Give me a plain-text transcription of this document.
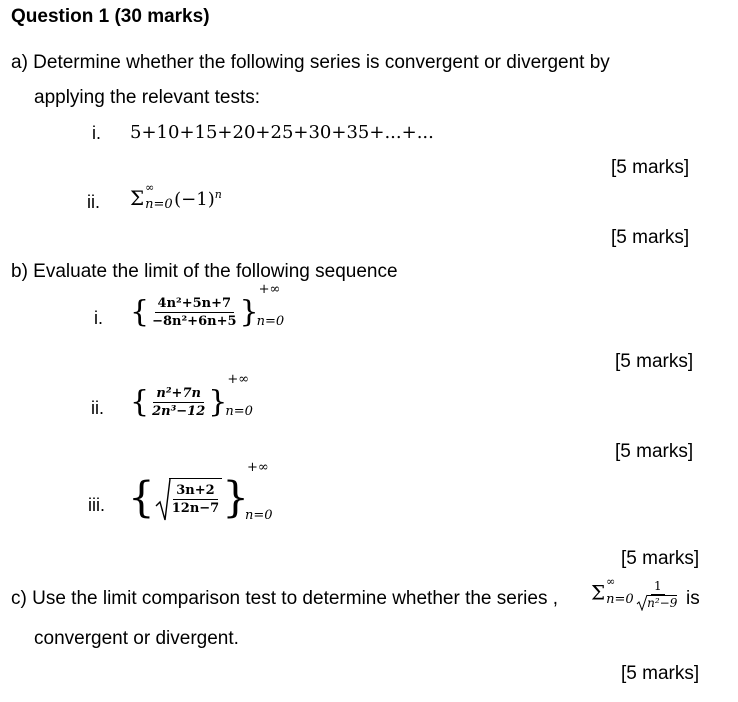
Question 1 (30 marks)
a) Determine whether the following series is convergent or divergent by
applying the relevant tests:
i. 5+10+15+20+25+30+35+...+...
[5 marks]
ii. Σ ∞
n=0 $(-1)^n$
[5 marks]
b) Evaluate the limit of the following sequence
i. { $\frac{\text{4n²+5n+7}}{\text{−8n²+6n+5}}$ }
+∞
n=0
[5 marks]
ii. { $\frac{\text{n²+7n}}{\text{2n³−12}}$ }
+∞
n=0
[5 marks]
iii. { $\frac{3n+2}{12n-7}$ }
+∞
n=0
[5 marks]
c) Use the limit comparison test to determine whether the series , Σ ∞
$n=0 \frac{1}{\text{n²−9}}$ is
convergent or divergent.
[5 marks]
